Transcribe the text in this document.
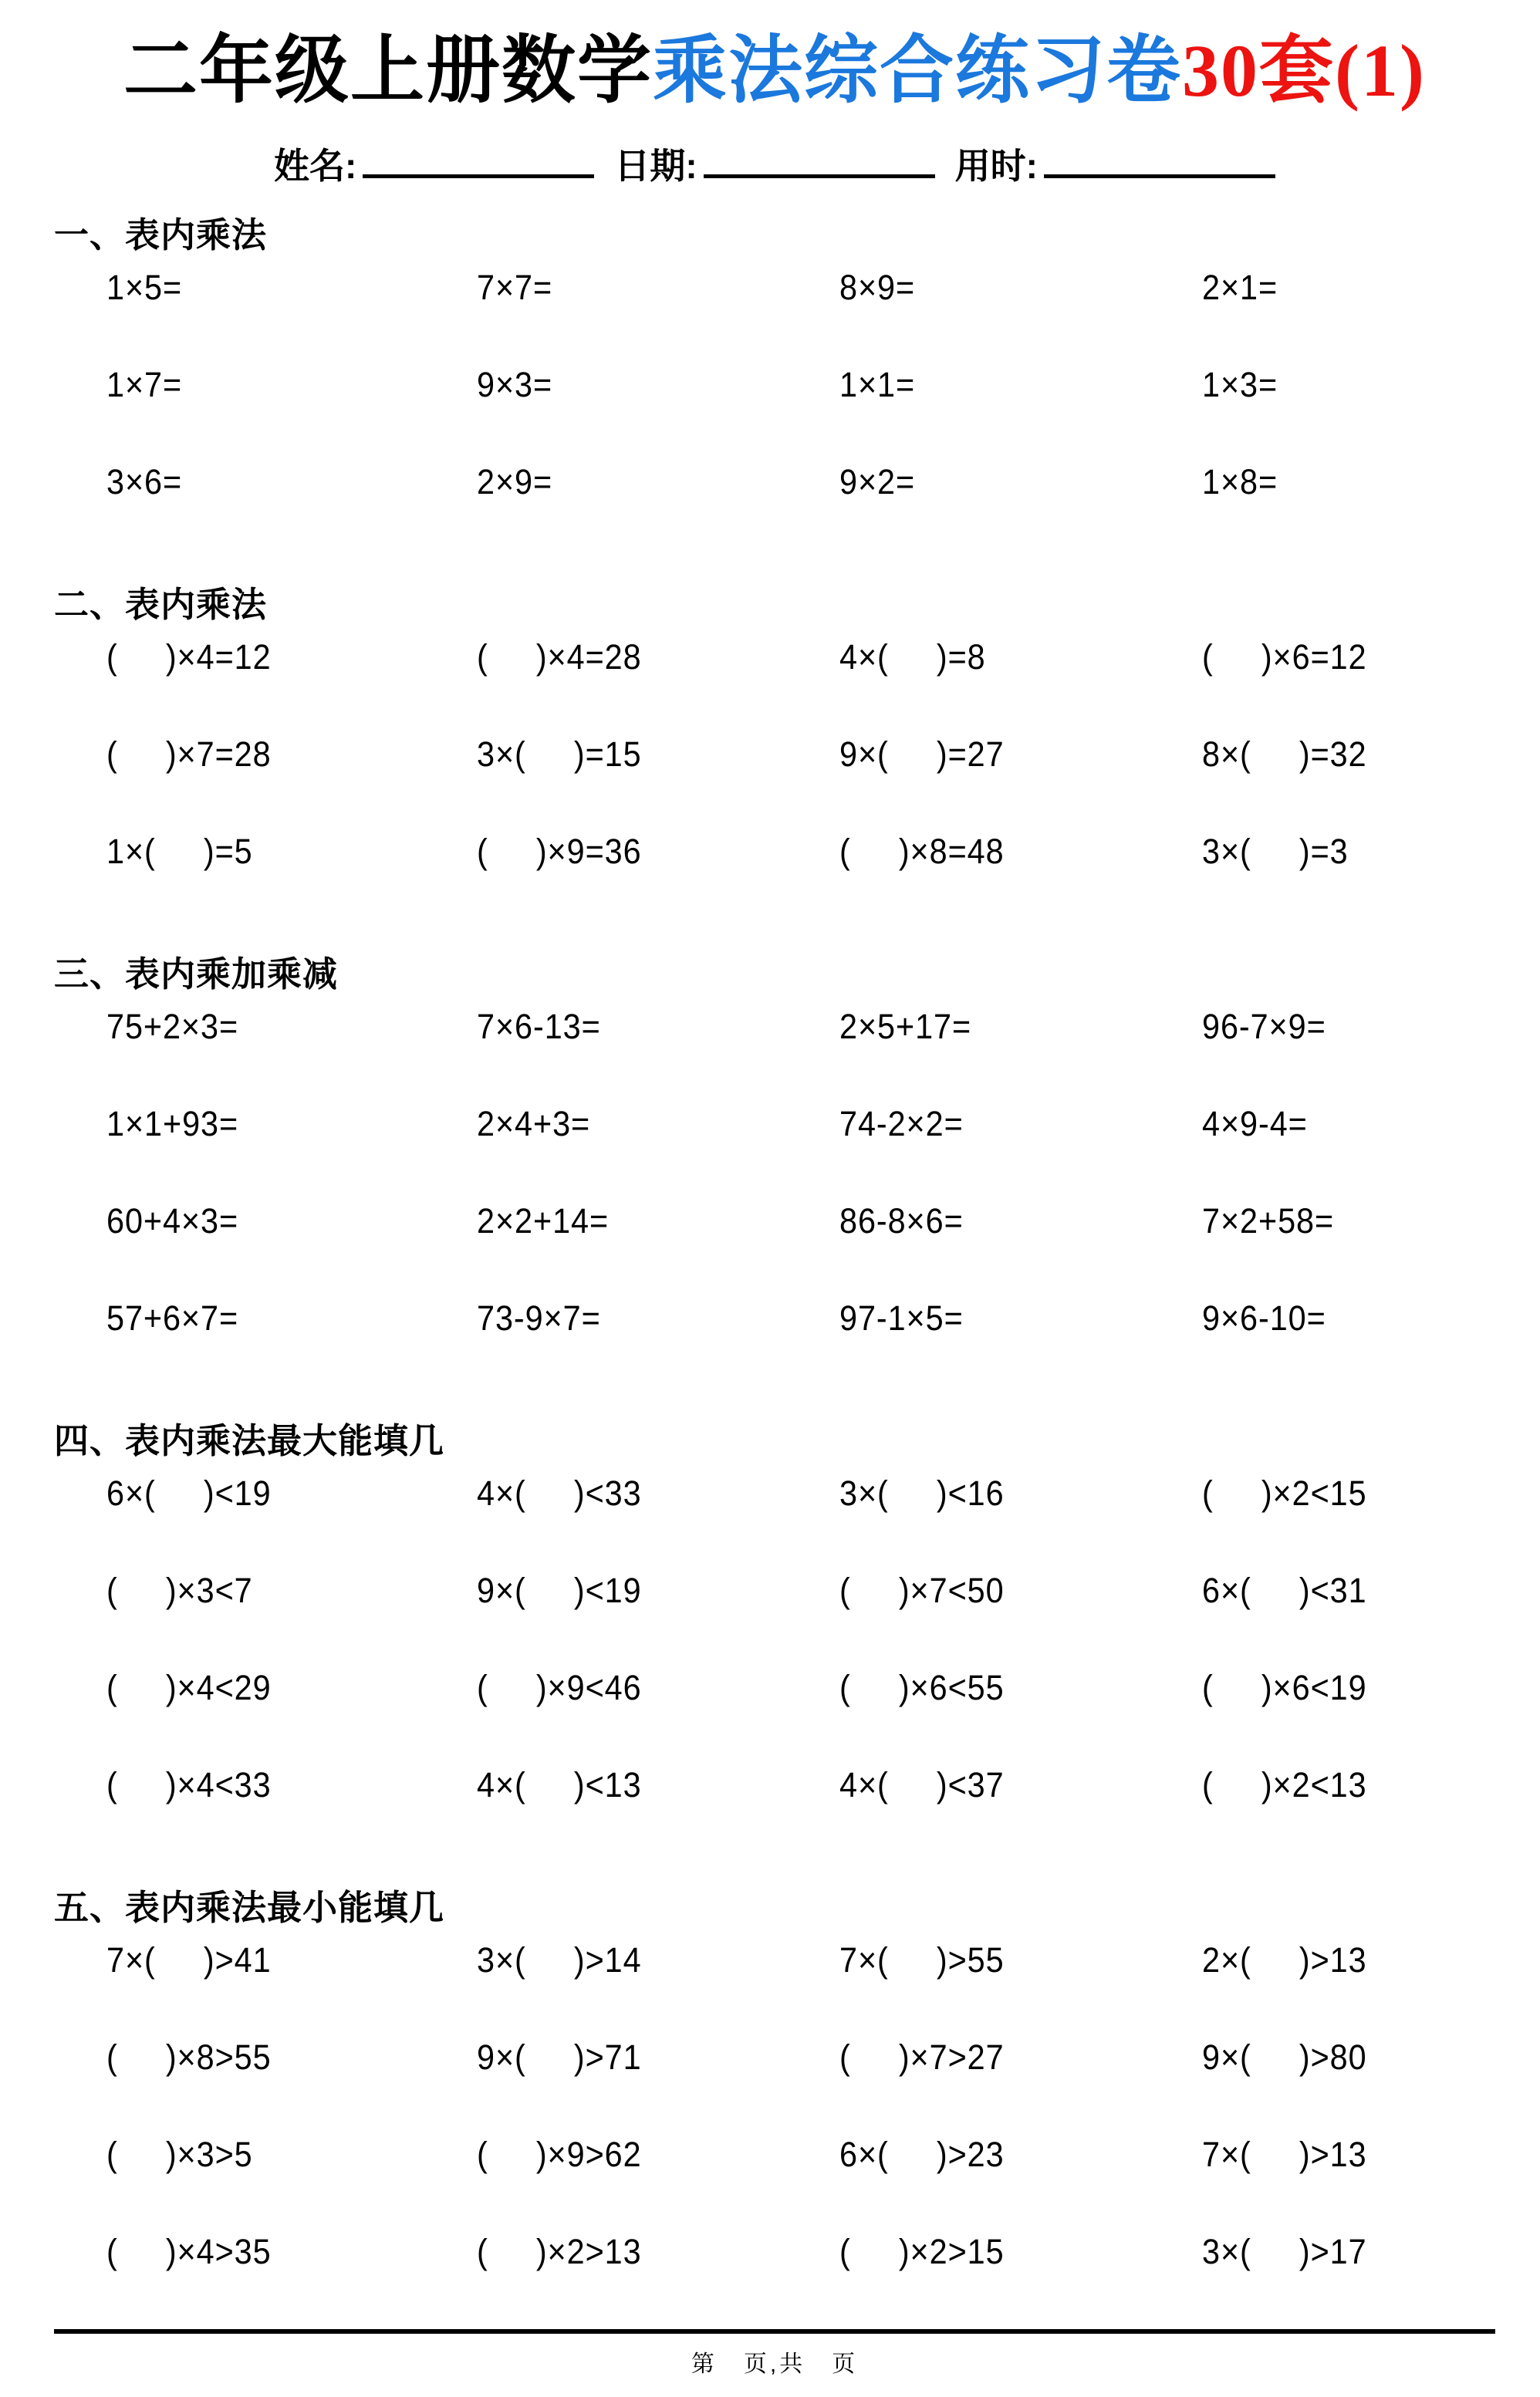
二年级上册数学乘法综合练习卷30套(1)
姓名:	日期:	用时:
一、表内乘法
1×5=	7×7=	8×9=	2×1=
1×7=	9×3=	1×1=	1×3=
3×6=	2×9=	9×2=	1×8=
二、表内乘法
(     )×4=12	(     )×4=28	4×(     )=8	(     )×6=12
(     )×7=28	3×(     )=15	9×(     )=27	8×(     )=32
1×(     )=5	(     )×9=36	(     )×8=48	3×(     )=3
三、表内乘加乘减
75+2×3=	7×6-13=	2×5+17=	96-7×9=
1×1+93=	2×4+3=	74-2×2=	4×9-4=
60+4×3=	2×2+14=	86-8×6=	7×2+58=
57+6×7=	73-9×7=	97-1×5=	9×6-10=
四、表内乘法最大能填几
6×(     )<19	4×(     )<33	3×(     )<16	(     )×2<15
(     )×3<7	9×(     )<19	(     )×7<50	6×(     )<31
(     )×4<29	(     )×9<46	(     )×6<55	(     )×6<19
(     )×4<33	4×(     )<13	4×(     )<37	(     )×2<13
五、表内乘法最小能填几
7×(     )>41	3×(     )>14	7×(     )>55	2×(     )>13
(     )×8>55	9×(     )>71	(     )×7>27	9×(     )>80
(     )×3>5	(     )×9>62	6×(     )>23	7×(     )>13
(     )×4>35	(     )×2>13	(     )×2>15	3×(     )>17
第　页,共　页
